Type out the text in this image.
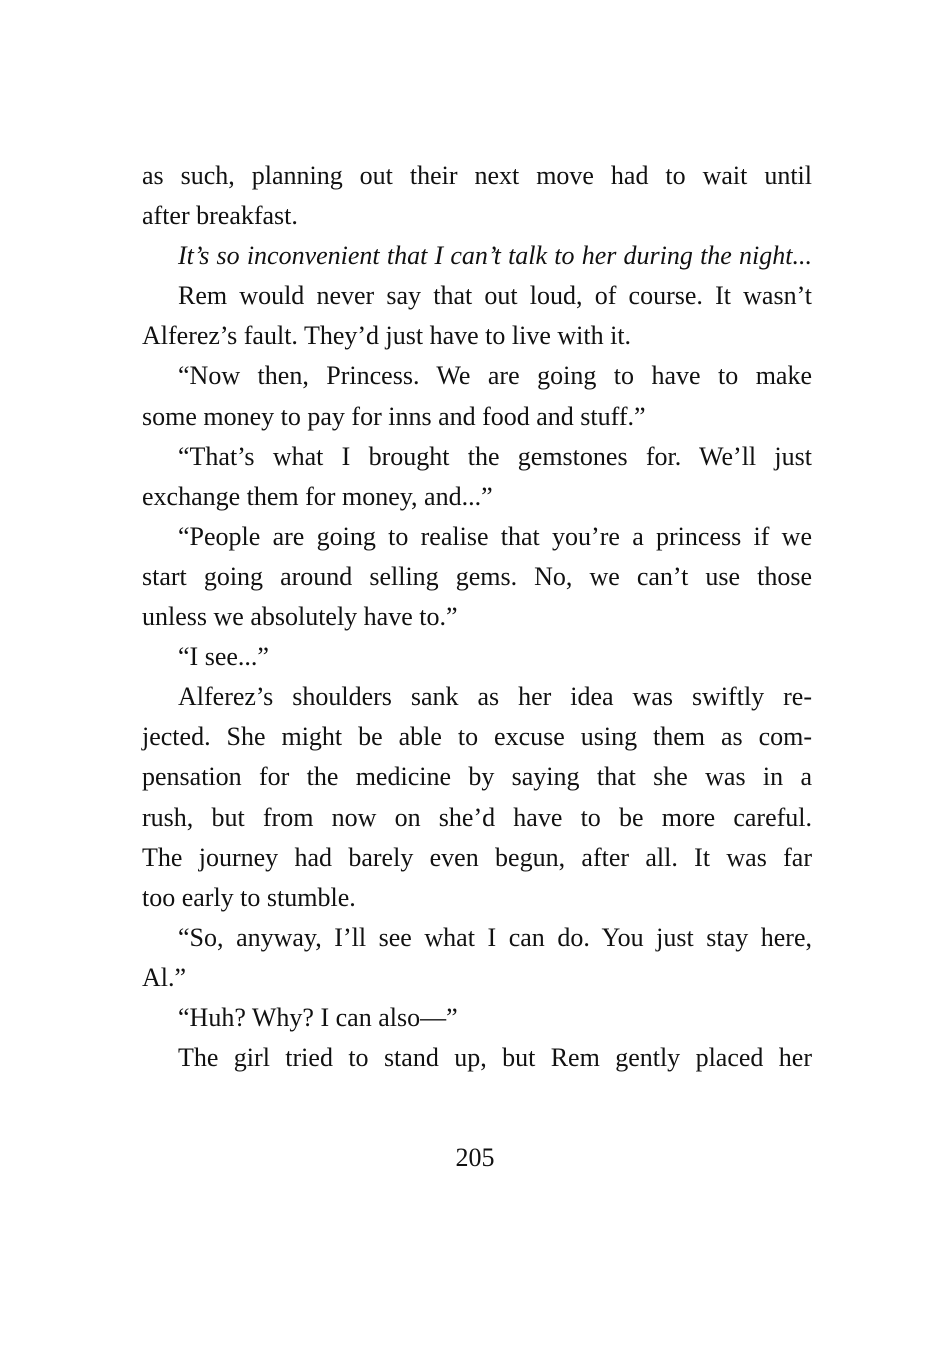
as such, planning out their next move had to wait until
after breakfast.
It’s so inconvenient that I can’t talk to her during the night...
Rem would never say that out loud, of course. It wasn’t
Alferez’s fault. They’d just have to live with it.
“Now then, Princess. We are going to have to make
some money to pay for inns and food and stuff.”
“That’s what I brought the gemstones for. We’ll just
exchange them for money, and...”
“People are going to realise that you’re a princess if we
start going around selling gems. No, we can’t use those
unless we absolutely have to.”
“I see...”
Alferez’s shoulders sank as her idea was swiftly re-
jected. She might be able to excuse using them as com-
pensation for the medicine by saying that she was in a
rush, but from now on she’d have to be more careful.
The journey had barely even begun, after all. It was far
too early to stumble.
“So, anyway, I’ll see what I can do. You just stay here,
Al.”
“Huh? Why? I can also—”
The girl tried to stand up, but Rem gently placed her
205
